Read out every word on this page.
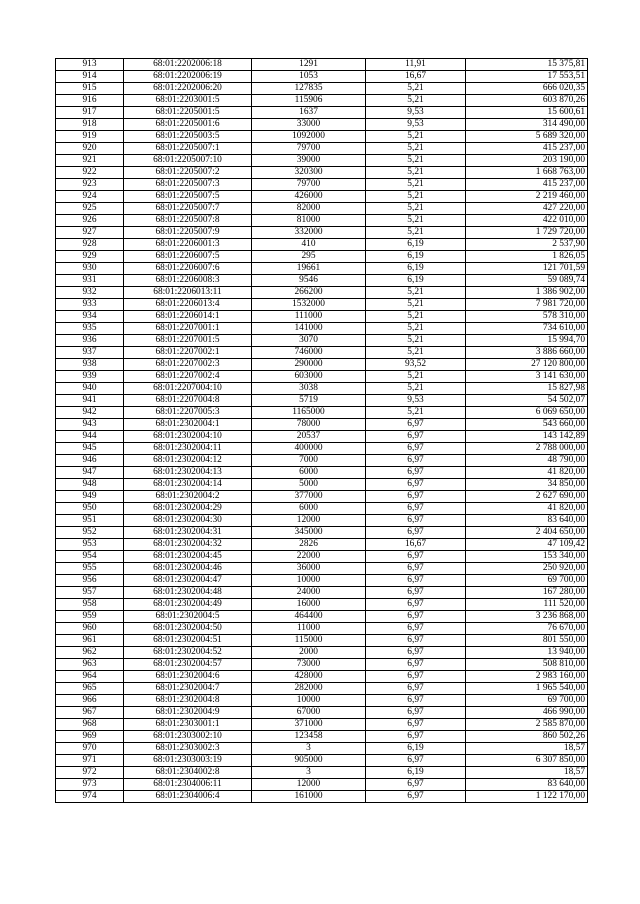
913	68:01:2202006:18	1291	11,91	15 375,81
914	68:01:2202006:19	1053	16,67	17 553,51
915	68:01:2202006:20	127835	5,21	666 020,35
916	68:01:2203001:5	115906	5,21	603 870,26
917	68:01:2205001:5	1637	9,53	15 600,61
918	68:01:2205001:6	33000	9,53	314 490,00
919	68:01:2205003:5	1092000	5,21	5 689 320,00
920	68:01:2205007:1	79700	5,21	415 237,00
921	68:01:2205007:10	39000	5,21	203 190,00
922	68:01:2205007:2	320300	5,21	1 668 763,00
923	68:01:2205007:3	79700	5,21	415 237,00
924	68:01:2205007:5	426000	5,21	2 219 460,00
925	68:01:2205007:7	82000	5,21	427 220,00
926	68:01:2205007:8	81000	5,21	422 010,00
927	68:01:2205007:9	332000	5,21	1 729 720,00
928	68:01:2206001:3	410	6,19	2 537,90
929	68:01:2206007:5	295	6,19	1 826,05
930	68:01:2206007:6	19661	6,19	121 701,59
931	68:01:2206008:3	9546	6,19	59 089,74
932	68:01:2206013:11	266200	5,21	1 386 902,00
933	68:01:2206013:4	1532000	5,21	7 981 720,00
934	68:01:2206014:1	111000	5,21	578 310,00
935	68:01:2207001:1	141000	5,21	734 610,00
936	68:01:2207001:5	3070	5,21	15 994,70
937	68:01:2207002:1	746000	5,21	3 886 660,00
938	68:01:2207002:3	290000	93,52	27 120 800,00
939	68:01:2207002:4	603000	5,21	3 141 630,00
940	68:01:2207004:10	3038	5,21	15 827,98
941	68:01:2207004:8	5719	9,53	54 502,07
942	68:01:2207005:3	1165000	5,21	6 069 650,00
943	68:01:2302004:1	78000	6,97	543 660,00
944	68:01:2302004:10	20537	6,97	143 142,89
945	68:01:2302004:11	400000	6,97	2 788 000,00
946	68:01:2302004:12	7000	6,97	48 790,00
947	68:01:2302004:13	6000	6,97	41 820,00
948	68:01:2302004:14	5000	6,97	34 850,00
949	68:01:2302004:2	377000	6,97	2 627 690,00
950	68:01:2302004:29	6000	6,97	41 820,00
951	68:01:2302004:30	12000	6,97	83 640,00
952	68:01:2302004:31	345000	6,97	2 404 650,00
953	68:01:2302004:32	2826	16,67	47 109,42
954	68:01:2302004:45	22000	6,97	153 340,00
955	68:01:2302004:46	36000	6,97	250 920,00
956	68:01:2302004:47	10000	6,97	69 700,00
957	68:01:2302004:48	24000	6,97	167 280,00
958	68:01:2302004:49	16000	6,97	111 520,00
959	68:01:2302004:5	464400	6,97	3 236 868,00
960	68:01:2302004:50	11000	6,97	76 670,00
961	68:01:2302004:51	115000	6,97	801 550,00
962	68:01:2302004:52	2000	6,97	13 940,00
963	68:01:2302004:57	73000	6,97	508 810,00
964	68:01:2302004:6	428000	6,97	2 983 160,00
965	68:01:2302004:7	282000	6,97	1 965 540,00
966	68:01:2302004:8	10000	6,97	69 700,00
967	68:01:2302004:9	67000	6,97	466 990,00
968	68:01:2303001:1	371000	6,97	2 585 870,00
969	68:01:2303002:10	123458	6,97	860 502,26
970	68:01:2303002:3	3	6,19	18,57
971	68:01:2303003:19	905000	6,97	6 307 850,00
972	68:01:2304002:8	3	6,19	18,57
973	68:01:2304006:11	12000	6,97	83 640,00
974	68:01:2304006:4	161000	6,97	1 122 170,00
